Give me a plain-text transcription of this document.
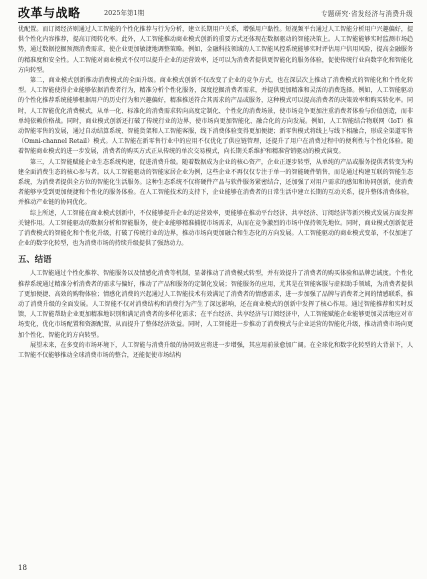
改革与战略	2025年第1期	专题研究·省发经济与消费升级

优配置。而订阅经济则通过人工智能的个性化推荐与行为分析，建立长期用户关系，增强用户黏性。短视频平台通过人工智能分析用户兴趣偏好，提供个性化内容推荐，提高订阅转化率。此外，人工智能推动商业模式创新的重要方式还体现在数据驱动的智能决策上。人工智能能够实时监测市场趋势，通过数据挖掘预测消费需求，使企业更加敏捷地调整策略。例如，金融科技领域的人工智能风控系统能够实时评估用户信用风险，提高金融服务的精准度和安全性。人工智能对商业模式不仅可以提升企业的运营效率，还可以为消费者提供更智能化的服务体验，促使传统行业向数字化和智能化方向转型。

第二，商业模式创新推动消费模式的全面升级。商业模式创新不仅改变了企业的竞争方式，也在深层次上推动了消费模式的智能化和个性化转型。人工智能使得企业能够依据消费者行为，精准分析个性化服务，深度挖掘消费者需求，并提供更加精准和灵活的消费选择。例如，人工智能驱动的个性化推荐系统能够根据用户的历史行为和兴趣偏好，精准推送符合其需求的产品或服务，这种模式可以提高消费者的决策效率和购买转化率。同时，人工智能优化消费模式，从单一化、标准化的消费需求转向高度定制化、个性化的消费场景，使市场竞争更加注重消费者体验与价值创造，而非单纯依赖价格战。同时，商业模式创新还打破了传统行业的边界，使市场向更加智能化、融合化的方向发展。例如，人工智能结合物联网（IoT）推动智能零售的发展，通过自动结算系统、智能货架和人工智能客服，线下消费体验变得更加便捷；新零售模式将线上与线下相融合，形成全渠道零售（Omni-channel Retail）模式。人工智能在新零售行业中的应用不仅优化了供应链管理，还提升了用户在消费过程中的便利性与个性化体验。随着智能商业模式的进一步发展，消费者的购买方式正从传统的单次交易模式，向长期关系维护和精准营销驱动的模式演变。

第三，人工智能赋能企业生态系统构建，促进消费升级。随着数据成为企业的核心资产，企业正逐步转型，从单纯的产品或服务提供者转变为构建全面消费生态的核心参与者。以人工智能驱动的智能家居企业为例，这些企业不再仅仅专注于单一的智能硬件销售，而是通过构建互联的智能生态系统，为消费者提供全方位的智能化生活服务。这种生态系统不仅将硬件产品与软件服务紧密结合，还加强了对用户需求的感知和协同创新，使消费者能够享受到更加便捷和个性化的服务体验。在人工智能技术的支持下，企业能够在消费者的日常生活中建立长期的互动关系，提升整体消费体验，并推动产业链的协同优化。

综上所述，人工智能在商业模式创新中，不仅能够提升企业的运营效率，更能够在推动平台经济、共享经济、订阅经济等新兴模式发展方面发挥关键作用。人工智能驱动的数据分析和智能服务，使企业能够精准捕捉市场需求，从而在竞争激烈的市场中保持领先地位。同时，商业模式创新促进了消费模式的智能化和个性化升级，打破了传统行业的边界，推动市场向更加融合和生态化的方向发展。人工智能驱动的商业模式变革，不仅加速了企业的数字化转型，也为消费市场的持续升级提供了强劲动力。

五、结语

人工智能通过个性化推荐、智能服务以及情感化消费等机制，显著推动了消费模式转型，并有效提升了消费者的购买体验和品牌忠诚度。个性化推荐系统通过精准分析消费者的需求与偏好，推动了产品和服务的定制化发展；智能服务的应用，尤其是在智能客服与虚拟助手领域，为消费者提供了更加便捷、高效的购物体验；情感化消费的兴起通过人工智能技术有效满足了消费者的情感需求，进一步加强了品牌与消费者之间的情感联系，推动了消费升级的全面发展。人工智能不仅对消费结构和消费行为产生了深远影响，还在商业模式的创新中发挥了核心作用。通过智能推荐和实时反馈，人工智能帮助企业更加精准地识别和满足消费者的多样化需求；在平台经济、共享经济与订阅经济中，人工智能赋能企业能够更加灵活地应对市场变化，优化市场配置和资源配置，从而提升了整体经济效益。同时，人工智能进一步推动了消费模式与企业运营的智能化升级，推动消费市场向更加个性化、智能化的方向转型。

展望未来，在多变的市场环境下，人工智能与消费升级的协同效应将进一步增强，其应用前景愈加广阔。在全球化和数字化转型的大背景下，人工智能不仅能够推动全球消费市场的整合，还能促使市场结构

18
